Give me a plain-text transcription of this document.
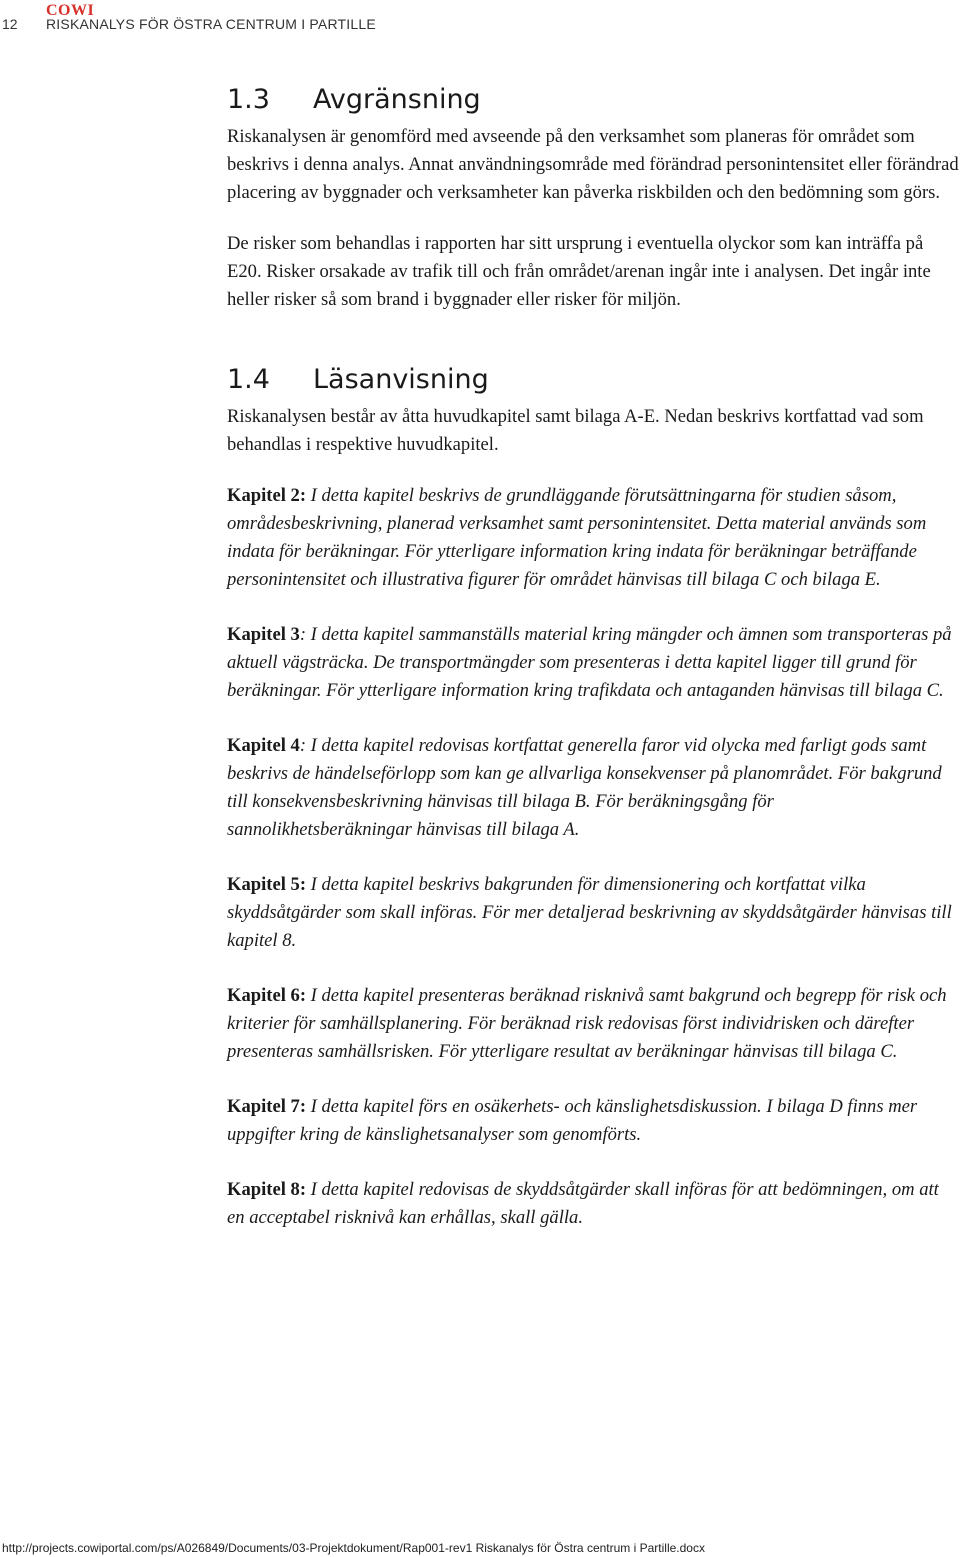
12
COWI
RISKANALYS FÖR ÖSTRA CENTRUM I PARTILLE
1.3	Avgränsning

Riskanalysen är genomförd med avseende på den verksamhet som planeras för området som beskrivs i denna analys. Annat användningsområde med förändrad personintensitet eller förändrad placering av byggnader och verksamheter kan påverka riskbilden och den bedömning som görs.

De risker som behandlas i rapporten har sitt ursprung i eventuella olyckor som kan inträffa på E20. Risker orsakade av trafik till och från området/arenan ingår inte i analysen. Det ingår inte heller risker så som brand i byggnader eller risker för miljön.

1.4	Läsanvisning

Riskanalysen består av åtta huvudkapitel samt bilaga A-E. Nedan beskrivs kortfattad vad som behandlas i respektive huvudkapitel.

Kapitel 2: I detta kapitel beskrivs de grundläggande förutsättningarna för studien såsom, områdesbeskrivning, planerad verksamhet samt personintensitet. Detta material används som indata för beräkningar. För ytterligare information kring indata för beräkningar beträffande personintensitet och illustrativa figurer för området hänvisas till bilaga C och bilaga E.

Kapitel 3: I detta kapitel sammanställs material kring mängder och ämnen som transporteras på aktuell vägsträcka. De transportmängder som presenteras i detta kapitel ligger till grund för beräkningar. För ytterligare information kring trafikdata och antaganden hänvisas till bilaga C.

Kapitel 4: I detta kapitel redovisas kortfattat generella faror vid olycka med farligt gods samt beskrivs de händelseförlopp som kan ge allvarliga konsekvenser på planområdet. För bakgrund till konsekvensbeskrivning hänvisas till bilaga B. För beräkningsgång för sannolikhetsberäkningar hänvisas till bilaga A.

Kapitel 5: I detta kapitel beskrivs bakgrunden för dimensionering och kortfattat vilka skyddsåtgärder som skall införas. För mer detaljerad beskrivning av skyddsåtgärder hänvisas till kapitel 8.

Kapitel 6: I detta kapitel presenteras beräknad risknivå samt bakgrund och begrepp för risk och kriterier för samhällsplanering. För beräknad risk redovisas först individrisken och därefter presenteras samhällsrisken. För ytterligare resultat av beräkningar hänvisas till bilaga C.

Kapitel 7: I detta kapitel förs en osäkerhets- och känslighetsdiskussion. I bilaga D finns mer uppgifter kring de känslighetsanalyser som genomförts.

Kapitel 8: I detta kapitel redovisas de skyddsåtgärder skall införas för att bedömningen, om att en acceptabel risknivå kan erhållas, skall gälla.

http://projects.cowiportal.com/ps/A026849/Documents/03-Projektdokument/Rap001-rev1 Riskanalys för Östra centrum i Partille.docx
